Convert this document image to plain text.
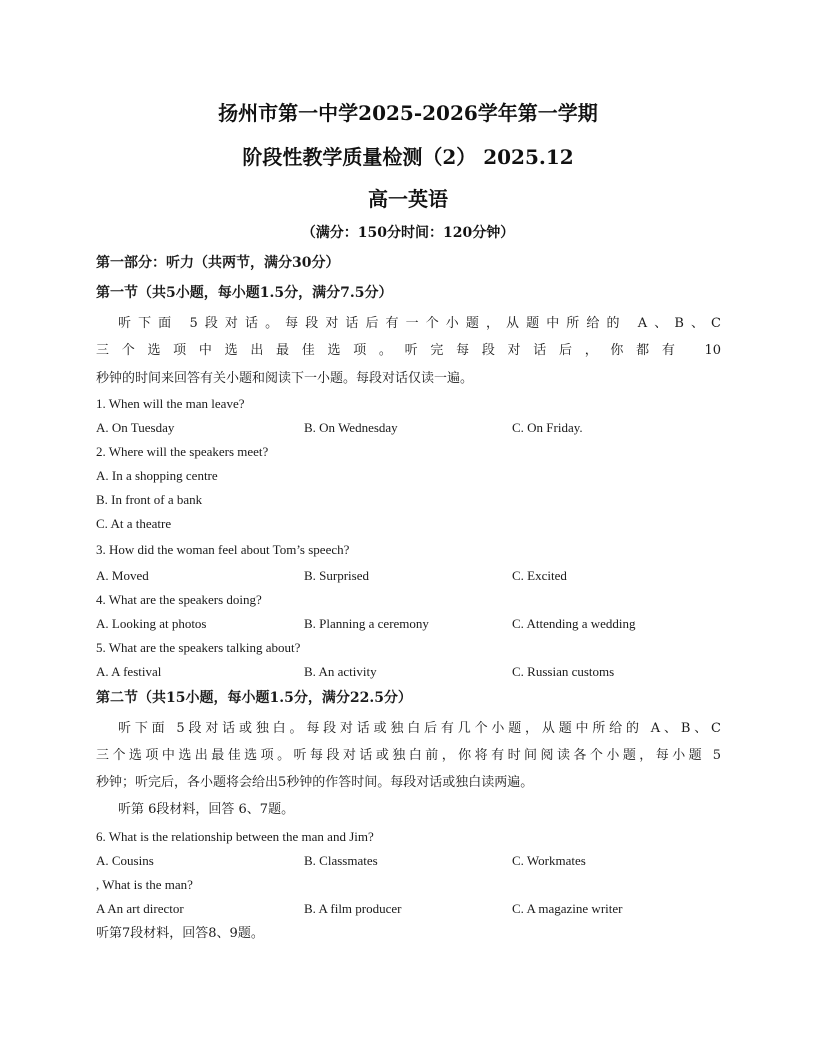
扬州市第一中学2025-2026学年第一学期
阶段性教学质量检测（2） 2025.12
高一英语
（满分：150分时间：120分钟）
第一部分：听力（共两节，满分30分）
第一节（共5小题，每小题1.5分，满分7.5分）
听下面 5段对话。每段对话后有一个小题，从题中所给的 A、B、C
三个选项中选出最佳选项。听完每段对话后，你都有 10
秒钟的时间来回答有关小题和阅读下一小题。每段对话仅读一遍。
1. When will the man leave?
A. On Tuesday	B. On Wednesday	C. On Friday.
2. Where will the speakers meet?
A. In a shopping centre
B. In front of a bank
C. At a theatre
3. How did the woman feel about Tom’s speech?
A. Moved	B. Surprised	C. Excited
4. What are the speakers doing?
A. Looking at photos	B. Planning a ceremony	C. Attending a wedding
5. What are the speakers talking about?
A. A festival	B. An activity	C. Russian customs
第二节（共15小题，每小题1.5分，满分22.5分）
听下面 5段对话或独白。每段对话或独白后有几个小题，从题中所给的 A、B、C
三个选项中选出最佳选项。听每段对话或独白前，你将有时间阅读各个小题，每小题 5
秒钟；听完后，各小题将会给出5秒钟的作答时间。每段对话或独白读两遍。
听第 6段材料，回答 6、7题。
6. What is the relationship between the man and Jim?
A. Cousins	B. Classmates	C. Workmates
, What is the man?
A An art director	B. A film producer	C. A magazine writer
听第7段材料，回答8、9题。
